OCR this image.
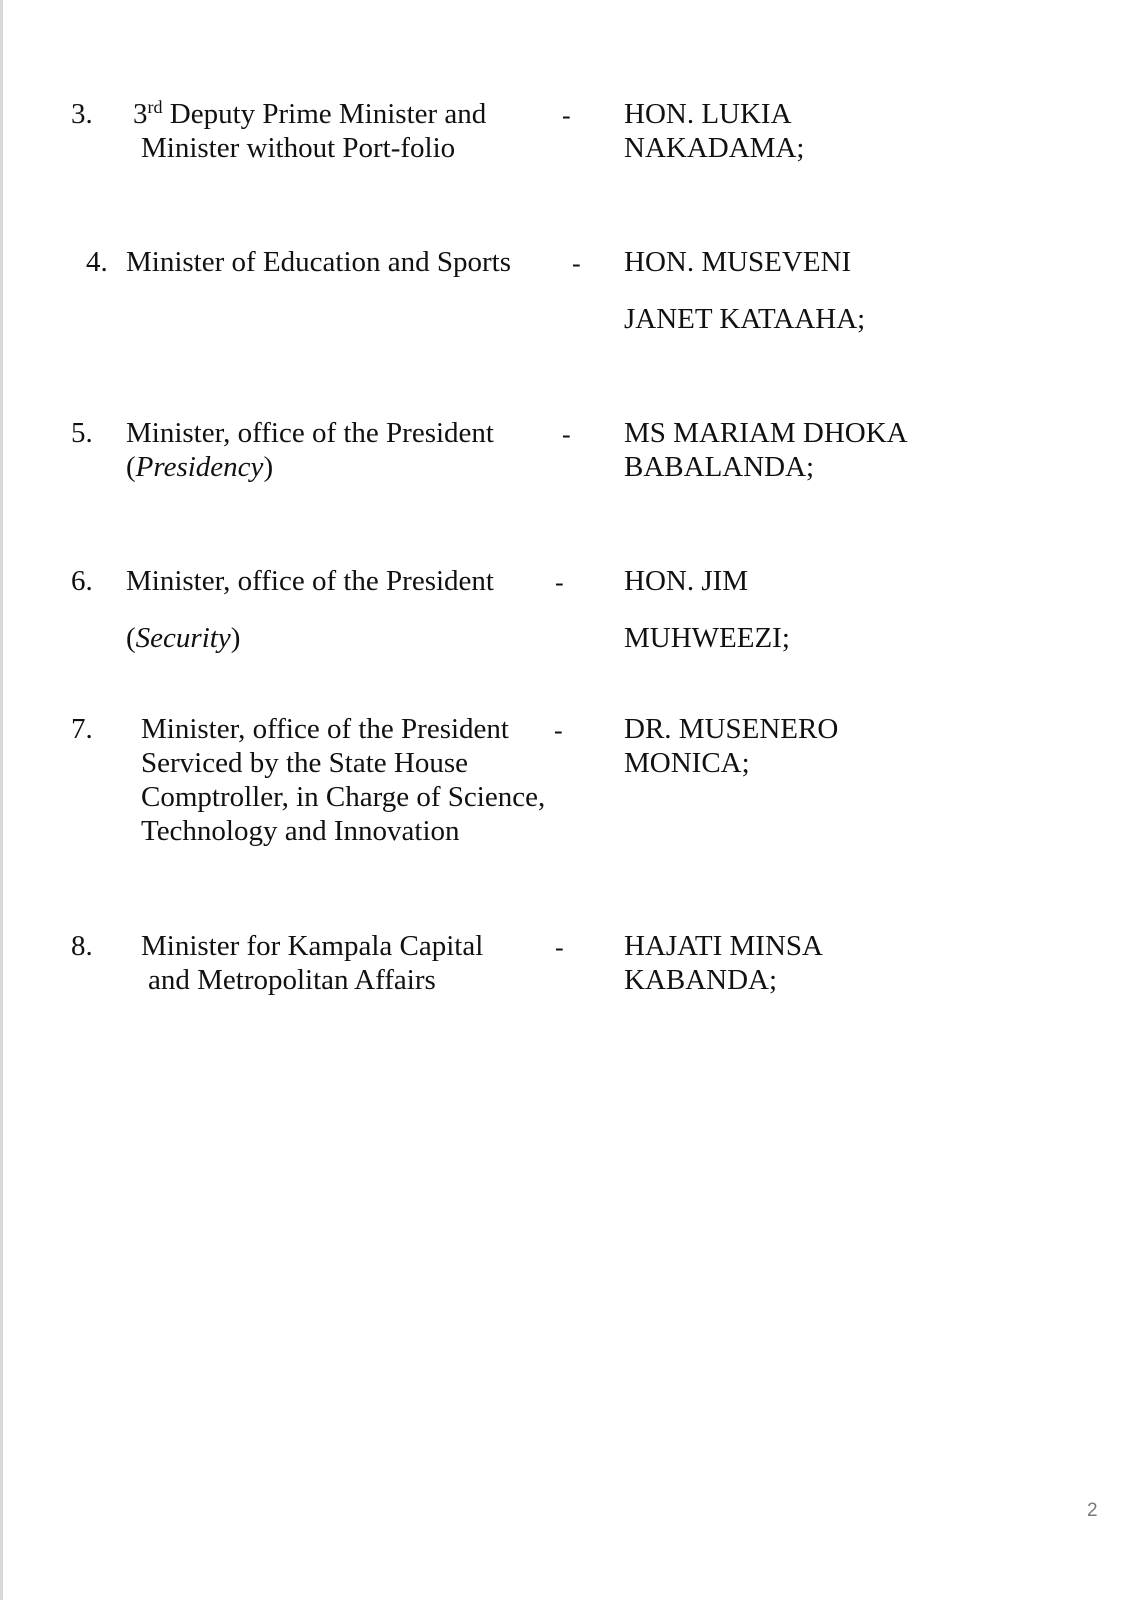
3. 3rd Deputy Prime Minister and

Minister without Port-folio

- HON. LUKIA

NAKADAMA;

4. Minister of Education and Sports - HON. MUSEVENI

JANET KATAAHA;

5. Minister, office of the President

(Presidency)

- MS MARIAM DHOKA

BABALANDA;

6. Minister, office of the President

(Security)

- HON. JIM

MUHWEEZI;

7. Minister, office of the President

Serviced by the State House

Comptroller, in Charge of Science,

Technology and Innovation

- DR. MUSENERO

MONICA;

8. Minister for Kampala Capital

and Metropolitan Affairs

- HAJATI MINSA

KABANDA;

2
